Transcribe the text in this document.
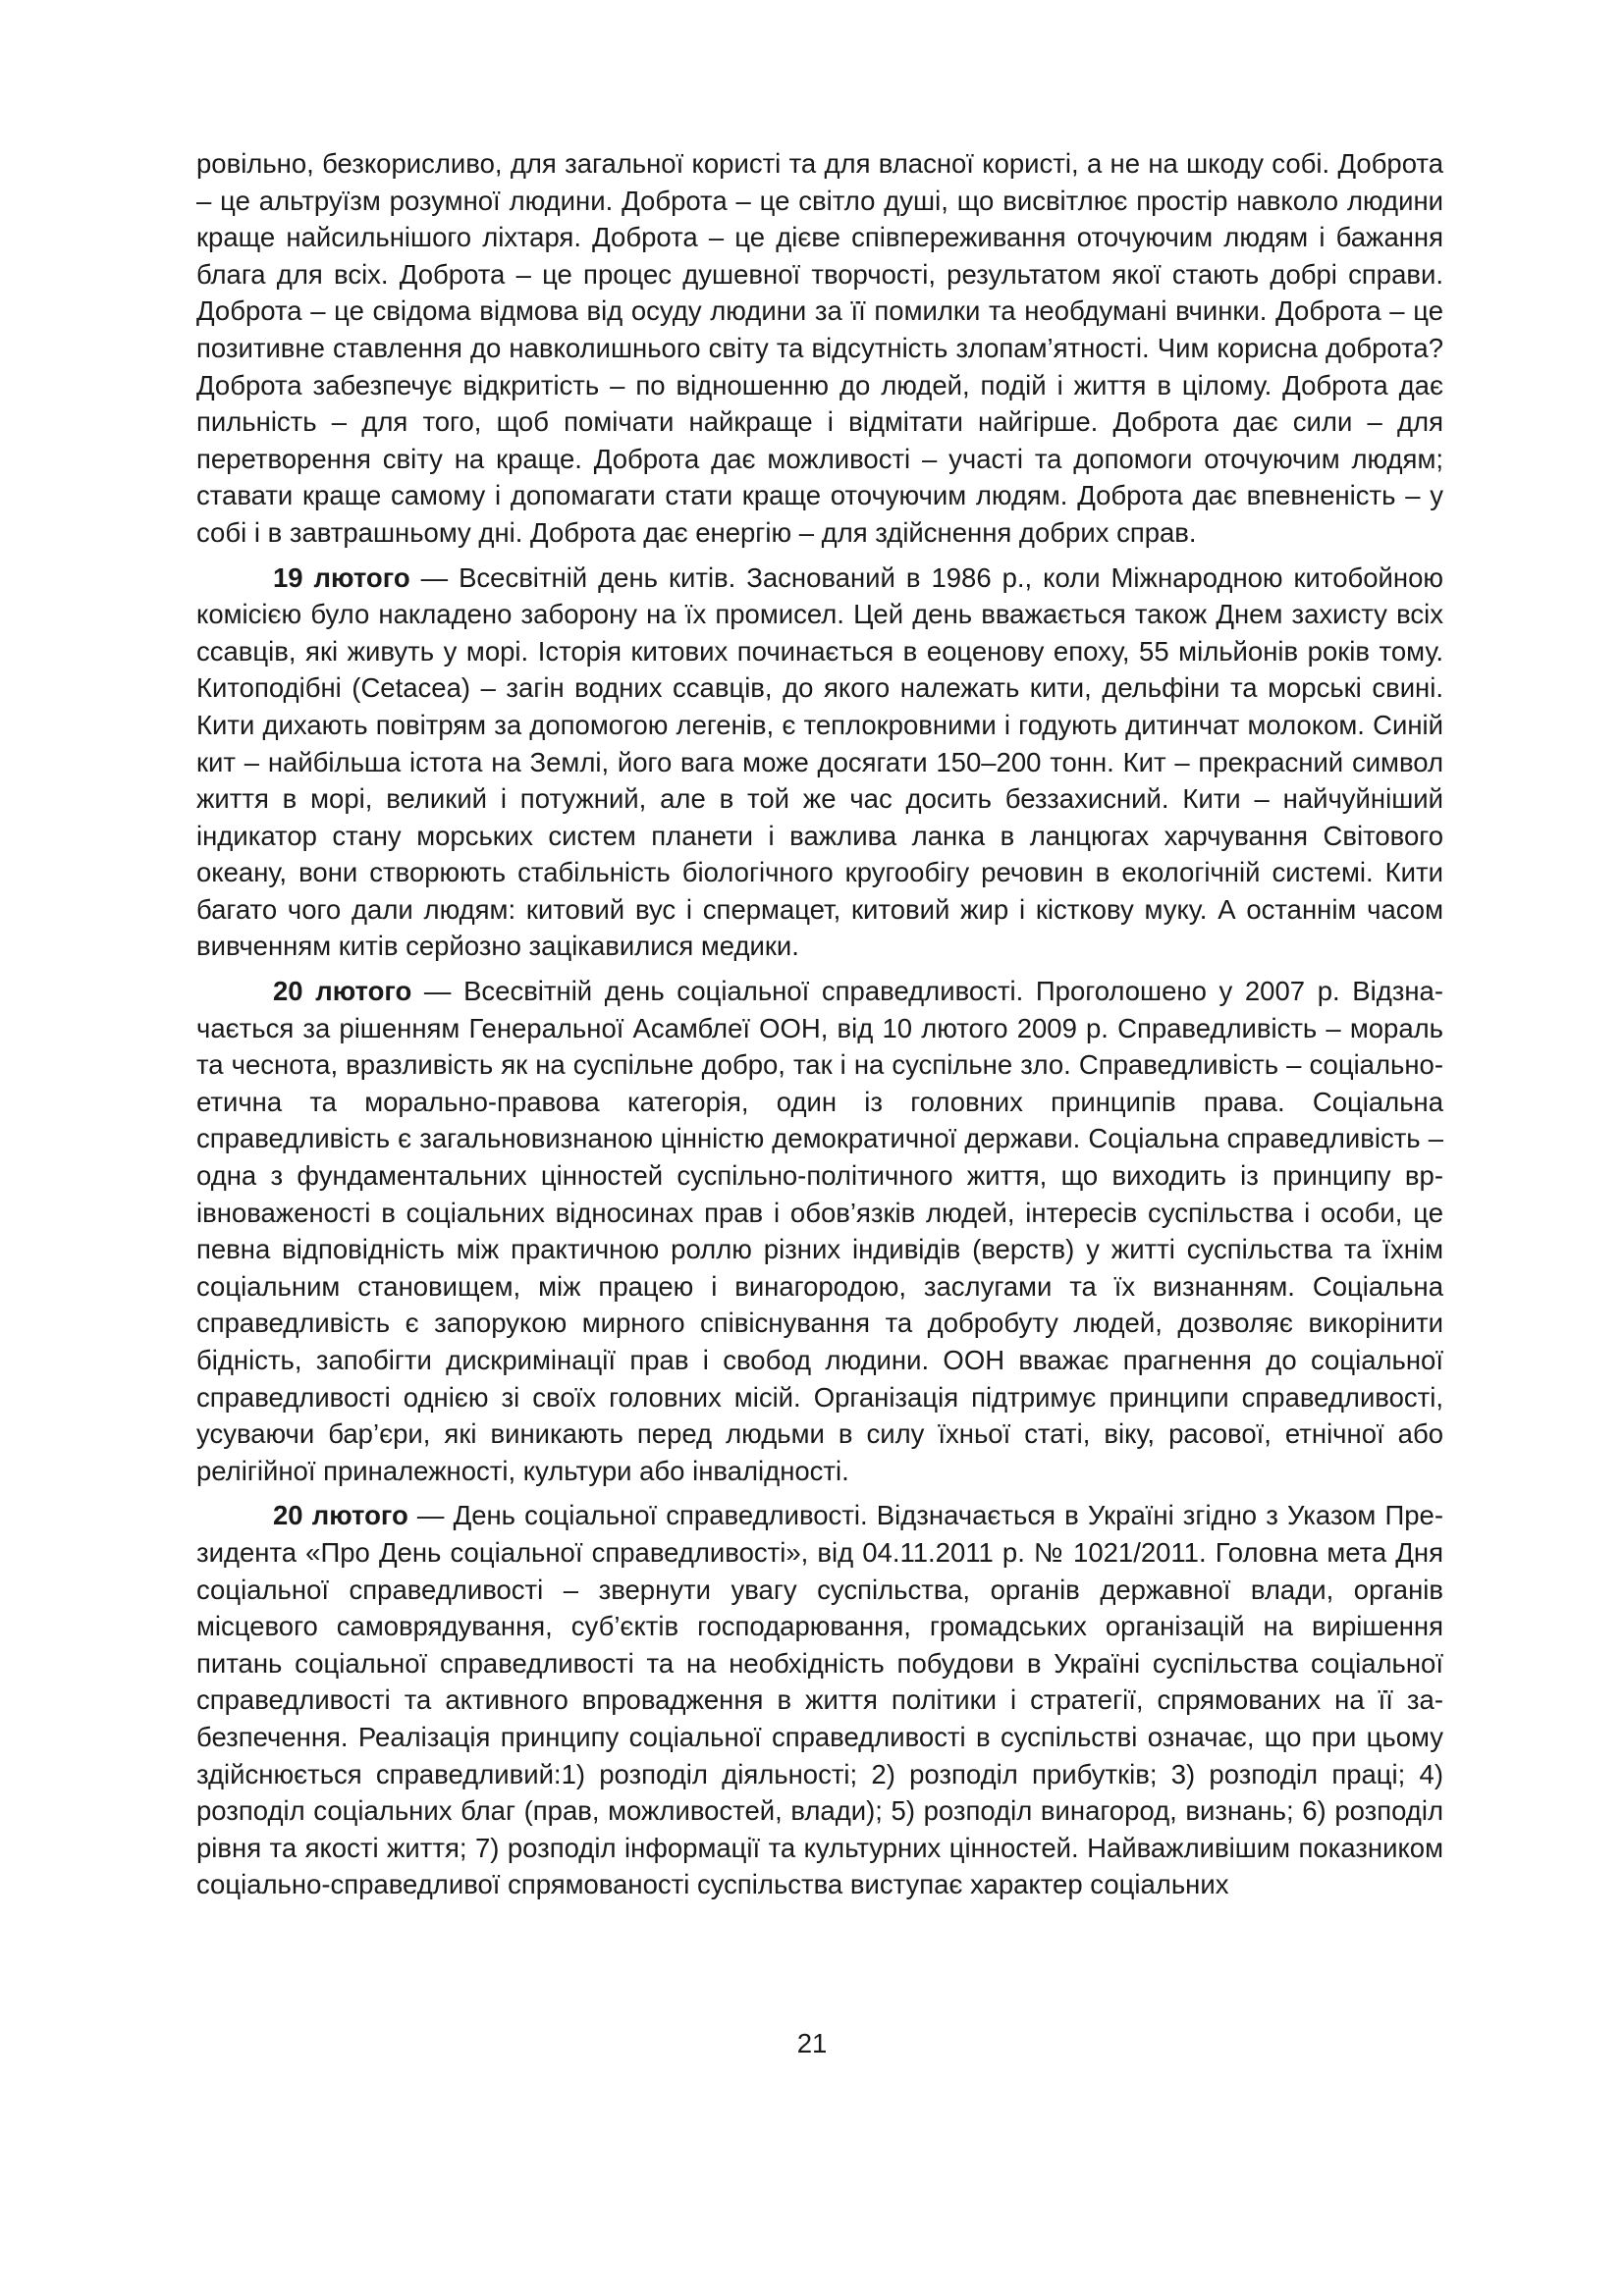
ровільно, безкорисливо, для загальної користі та для власної користі, а не на шкоду собі. Доброта – це альтруїзм розумної людини. Доброта – це світло душі, що висвітлює простір навколо людини краще найсильнішого ліхтаря. Доброта – це дієве співпереживання оточуючим людям і бажання блага для всіх. Доброта – це процес душевної творчості, результатом якої стають добрі справи. Доброта – це свідома відмова від осуду людини за її помилки та необдумані вчинки. Доброта – це позитивне ставлення до навколишнього світу та відсутність злопам’ятності. Чим корисна доброта? Доброта забезпечує відкритість – по відношенню до людей, подій і життя в цілому. Доброта дає пильність – для того, щоб помічати найкраще і відмітати найгірше. Доброта дає сили – для перетворення світу на краще. Доброта дає можливості – участі та допомоги оточуючим людям; ставати краще самому і допомагати стати краще оточуючим людям. Доброта дає впевненість – у собі і в завтрашньому дні. Доброта дає енергію – для здійснення добрих справ.

19 лютого — Всесвітній день китів. Заснований в 1986 р., коли Міжнародною китобойною комісією було накладено заборону на їх промисел. Цей день вважається також Днем захисту всіх ссавців, які живуть у морі. Історія китових починається в еоценову епоху, 55 мільйонів років тому. Китоподібні (Cetacea) – загін водних ссавців, до якого належать кити, дельфіни та морські свині. Кити дихають повітрям за допомогою легенів, є теплокровними і годують дитинчат молоком. Синій кит – найбільша істота на Землі, його вага може досягати 150–200 тонн. Кит – прекрасний символ життя в морі, великий і потужний, але в той же час досить беззахисний. Кити – найчуйніший індикатор стану морських систем планети і важлива ланка в ланцюгах харчування Світового океану, вони створюють стабільність біологічного кругообігу речовин в екологічній системі. Кити багато чого дали людям: китовий вус і спермацет, китовий жир і кісткову муку. А останнім часом вивченням китів серйозно зацікавилися медики.

20 лютого — Всесвітній день соціальної справедливості. Проголошено у 2007 р. Відзначається за рішенням Генеральної Асамблеї ООН, від 10 лютого 2009 р. Справедливість – мораль та чеснота, вразливість як на суспільне добро, так і на суспільне зло. Справедливість – соціально-етична та морально-правова категорія, один із головних принципів права. Соціальна справедливість є загальновизнаною цінністю демократичної держави. Соціальна справедливість – одна з фундаментальних цінностей суспільно-політичного життя, що виходить із принципу врівноваженості в соціальних відносинах прав і обов’язків людей, інтересів суспільства і особи, це певна відповідність між практичною роллю різних індивідів (верств) у житті суспільства та їхнім соціальним становищем, між працею і винагородою, заслугами та їх визнанням. Соціальна справедливість є запорукою мирного співіснування та добробуту людей, дозволяє викорінити бідність, запобігти дискримінації прав і свобод людини. ООН вважає прагнення до соціальної справедливості однією зі своїх головних місій. Організація підтримує принципи справедливості, усуваючи бар’єри, які виникають перед людьми в силу їхньої статі, віку, расової, етнічної або релігійної приналежності, культури або інвалідності.

20 лютого — День соціальної справедливості. Відзначається в Україні згідно з Указом Президента «Про День соціальної справедливості», від 04.11.2011 р. № 1021/2011. Головна мета Дня соціальної справедливості – звернути увагу суспільства, органів державної влади, органів місцевого самоврядування, суб’єктів господарювання, громадських організацій на вирішення питань соціальної справедливості та на необхідність побудови в Україні суспільства соціальної справедливості та активного впровадження в життя політики і стратегії, спрямованих на її забезпечення. Реалізація принципу соціальної справедливості в суспільстві означає, що при цьому здійснюється справедливий:1) розподіл діяльності; 2) розподіл прибутків; 3) розподіл праці; 4) розподіл соціальних благ (прав, можливостей, влади); 5) розподіл винагород, визнань; 6) розподіл рівня та якості життя; 7) розподіл інформації та культурних цінностей. Найважливішим показником соціально-справедливої спрямованості суспільства виступає характер соціальних

21
